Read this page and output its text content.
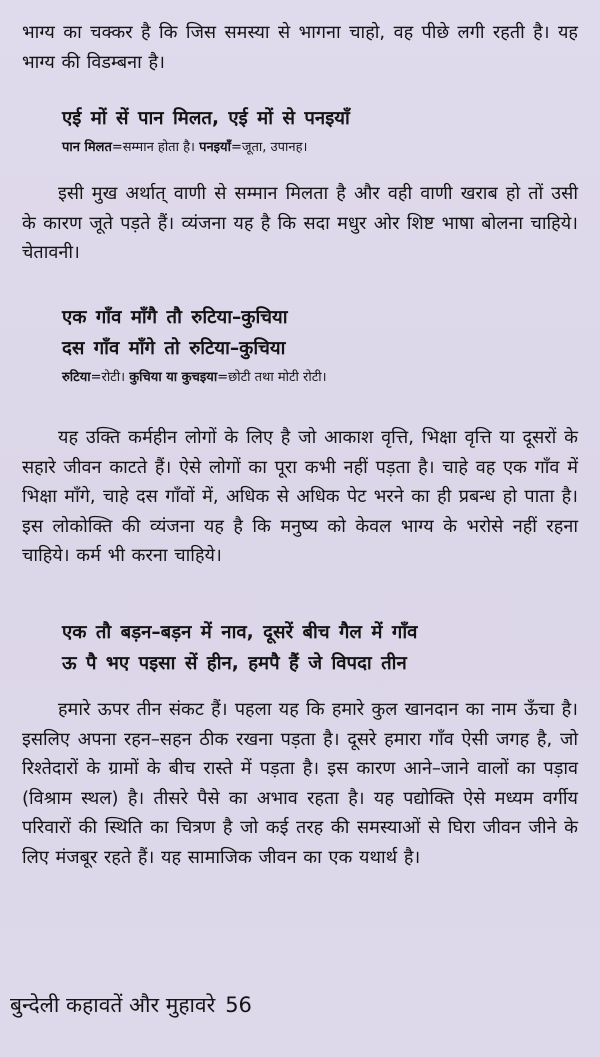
भाग्य का चक्कर है कि जिस समस्या से भागना चाहो, वह पीछे लगी रहती है। यह भाग्य की विडम्बना है।

एई मों सें पान मिलत, एई मों से पनइयाँ

पान मिलत=सम्मान होता है। पनइयाँ=जूता, उपानह।

इसी मुख अर्थात् वाणी से सम्मान मिलता है और वही वाणी खराब हो तों उसी के कारण जूते पड़ते हैं। व्यंजना यह है कि सदा मधुर ओर शिष्ट भाषा बोलना चाहिये। चेतावनी।

एक गाँव माँगै तौ रुटिया–कुचिया

दस गाँव माँगे तो रुटिया–कुचिया

रुटिया=रोटी। कुचिया या कुचइया=छोटी तथा मोटी रोटी।

यह उक्ति कर्महीन लोगों के लिए है जो आकाश वृत्ति, भिक्षा वृत्ति या दूसरों के सहारे जीवन काटते हैं। ऐसे लोगों का पूरा कभी नहीं पड़ता है। चाहे वह एक गाँव में भिक्षा माँगे, चाहे दस गाँवों में, अधिक से अधिक पेट भरने का ही प्रबन्ध हो पाता है। इस लोकोक्ति की व्यंजना यह है कि मनुष्य को केवल भाग्य के भरोसे नहीं रहना चाहिये। कर्म भी करना चाहिये।

एक तौ बड़न–बड़न में नाव, दूसरें बीच गैल में गाँव

ऊ पै भए पइसा सें हीन, हमपै हैं जे विपदा तीन

हमारे ऊपर तीन संकट हैं। पहला यह कि हमारे कुल खानदान का नाम ऊँचा है। इसलिए अपना रहन–सहन ठीक रखना पड़ता है। दूसरे हमारा गाँव ऐसी जगह है, जो रिश्तेदारों के ग्रामों के बीच रास्ते में पड़ता है। इस कारण आने–जाने वालों का पड़ाव (विश्राम स्थल) है। तीसरे पैसे का अभाव रहता है। यह पद्योक्ति ऐसे मध्यम वर्गीय परिवारों की स्थिति का चित्रण है जो कई तरह की समस्याओं से घिरा जीवन जीने के लिए मंजबूर रहते हैं। यह सामाजिक जीवन का एक यथार्थ है।

बुन्देली कहावतें और मुहावरे 56
